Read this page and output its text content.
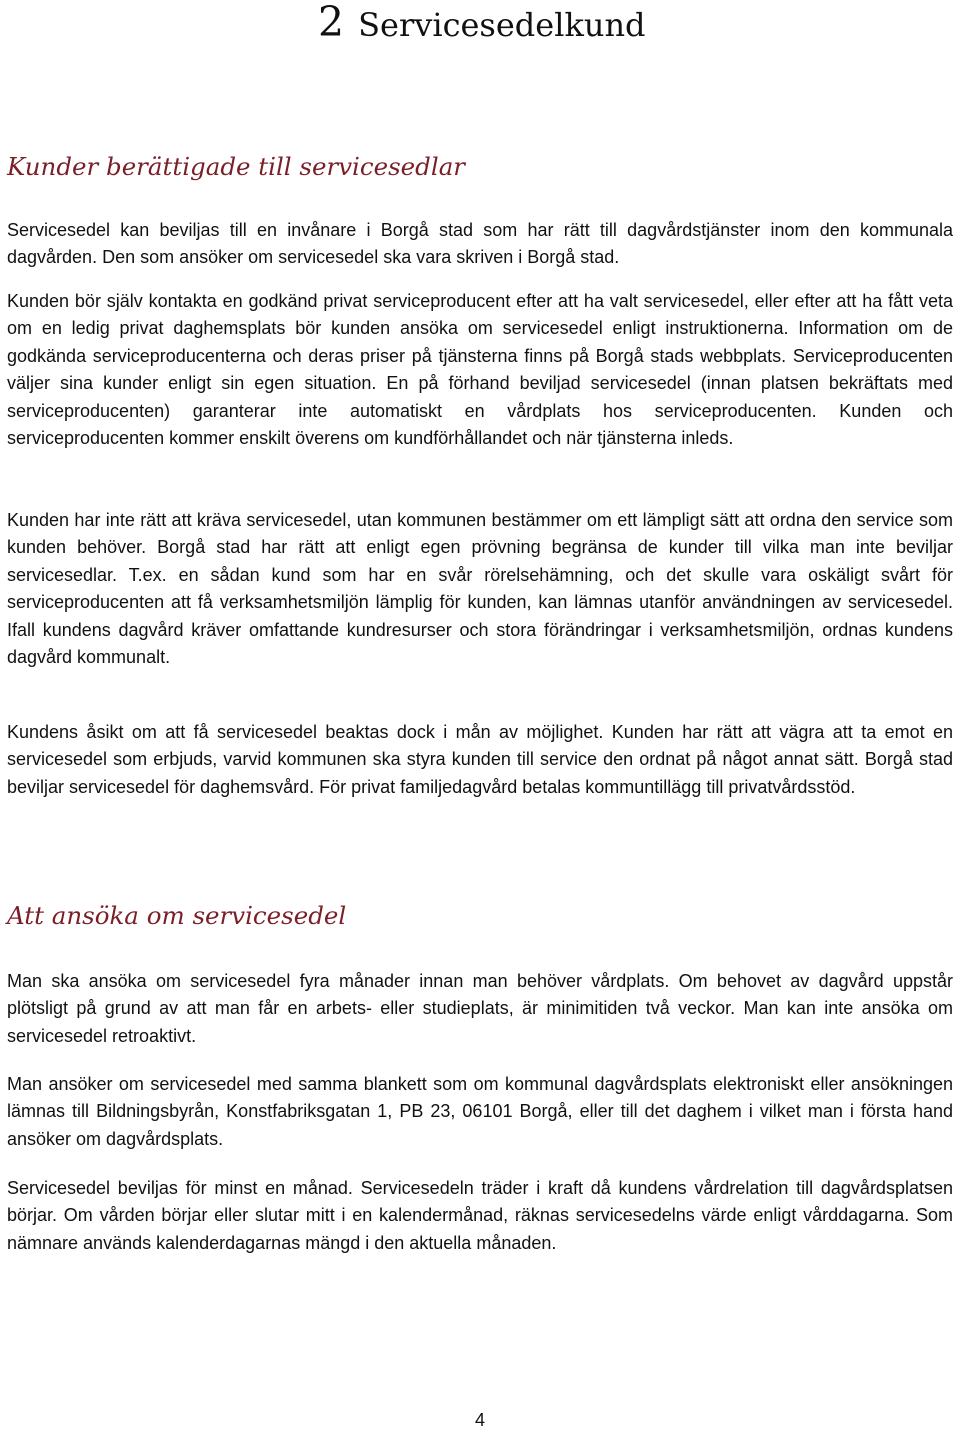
2 Servicesedelkund
Kunder berättigade till servicesedlar

Servicesedel kan beviljas till en invånare i Borgå stad som har rätt till dagvårdstjänster inom den kommunala dagvården. Den som ansöker om servicesedel ska vara skriven i Borgå stad.

Kunden bör själv kontakta en godkänd privat serviceproducent efter att ha valt servicesedel, eller efter att ha fått veta om en ledig privat daghemsplats bör kunden ansöka om servicesedel enligt instruktionerna. Information om de godkända serviceproducenterna och deras priser på tjänsterna finns på Borgå stads webbplats. Serviceproducenten väljer sina kunder enligt sin egen situation. En på förhand beviljad servicesedel (innan platsen bekräftats med serviceproducenten) garanterar inte automatiskt en vårdplats hos serviceproducenten. Kunden och serviceproducenten kommer enskilt överens om kundförhållandet och när tjänsterna inleds.

Kunden har inte rätt att kräva servicesedel, utan kommunen bestämmer om ett lämpligt sätt att ordna den service som kunden behöver. Borgå stad har rätt att enligt egen prövning begränsa de kunder till vilka man inte beviljar servicesedlar. T.ex. en sådan kund som har en svår rörelsehämning, och det skulle vara oskäligt svårt för serviceproducenten att få verksamhetsmiljön lämplig för kunden, kan lämnas utanför användningen av servicesedel. Ifall kundens dagvård kräver omfattande kundresurser och stora förändringar i verksamhetsmiljön, ordnas kundens dagvård kommunalt.

Kundens åsikt om att få servicesedel beaktas dock i mån av möjlighet. Kunden har rätt att vägra att ta emot en servicesedel som erbjuds, varvid kommunen ska styra kunden till service den ordnat på något annat sätt. Borgå stad beviljar servicesedel för daghemsvård. För privat familjedagvård betalas kommuntillägg till privatvårdsstöd.

Att ansöka om servicesedel

Man ska ansöka om servicesedel fyra månader innan man behöver vårdplats. Om behovet av dagvård uppstår plötsligt på grund av att man får en arbets- eller studieplats, är minimitiden två veckor. Man kan inte ansöka om servicesedel retroaktivt.

Man ansöker om servicesedel med samma blankett som om kommunal dagvårdsplats elektroniskt eller ansökningen lämnas till Bildningsbyrån, Konstfabriksgatan 1, PB 23, 06101 Borgå, eller till det daghem i vilket man i första hand ansöker om dagvårdsplats.

Servicesedel beviljas för minst en månad. Servicesedeln träder i kraft då kundens vårdrelation till dagvårdsplatsen börjar. Om vården börjar eller slutar mitt i en kalendermånad, räknas servicesedelns värde enligt vårddagarna. Som nämnare används kalenderdagarnas mängd i den aktuella månaden.

4
